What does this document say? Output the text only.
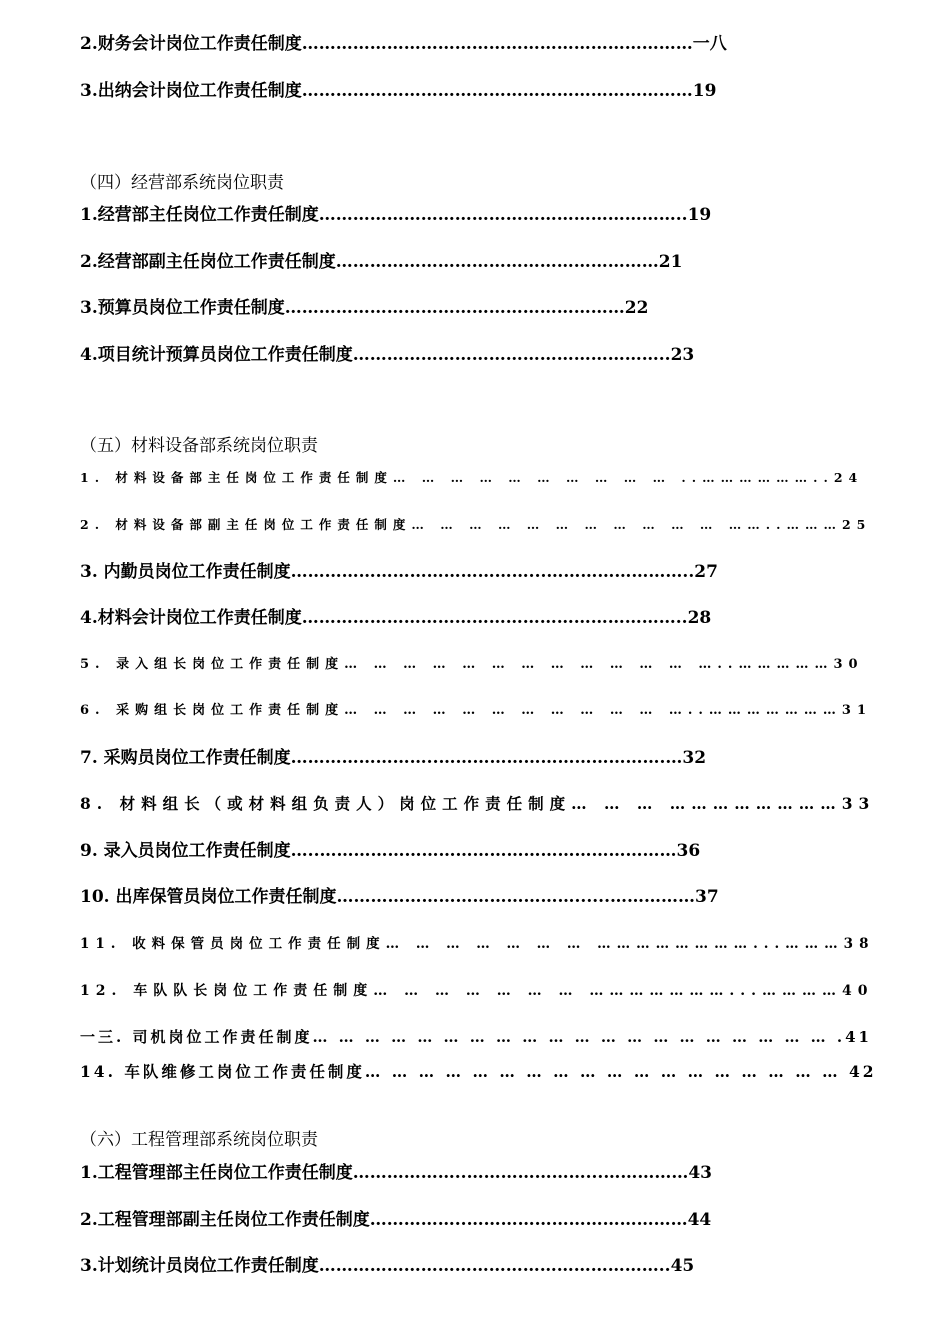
2.财务会计岗位工作责任制度……………………………………………………………一八
3.出纳会计岗位工作责任制度……………………………………………………………19
（四）经营部系统岗位职责
1.经营部主任岗位工作责任制度………………………………………………………..19
2.经营部副主任岗位工作责任制度…………………………………………………21
3.预算员岗位工作责任制度……………………………………………………22
4.项目统计预算员岗位工作责任制度………………………………………………..23
（五）材料设备部系统岗位职责
1. 材料设备部主任岗位工作责任制度… … … … … … … … … … ..………………..24
2. 材料设备部副主任岗位工作责任制度… … … … … … … … … … … ……..………25
3. 内勤员岗位工作责任制度……………………………………...……………………..27
4.材料会计岗位工作责任制度…………………………………………………………..28
5. 录入组长岗位工作责任制度… … … … … … … … … … … … …..……………30
6. 采购组长岗位工作责任制度… … … … … … … … … … … …..…………………31
7. 采购员岗位工作责任制度……………………..………………………………….…32
8. 材料组长（或材料组负责人）岗位工作责任制度… … … ……………………33
9. 录入员岗位工作责任制度…..………………………………………………………36
10. 出库保管员岗位工作责任制度……………………………………......……………37
11. 收料保管员岗位工作责任制度… … … … … … … ……………………...………38
12. 车队队长岗位工作责任制度… … … … … … … …………………...…………40
一三. 司机岗位工作责任制度… … … … … … … … … … … … … … … … … … … … .41
14. 车队维修工岗位工作责任制度… … … … … … … … … … … … … … … … … … 42
（六）工程管理部系统岗位职责
1.工程管理部主任岗位工作责任制度………………..…………………...……………43
2.工程管理部副主任岗位工作责任制度……………..…………………………………44
3.计划统计员岗位工作责任制度……………………………………………………..45
